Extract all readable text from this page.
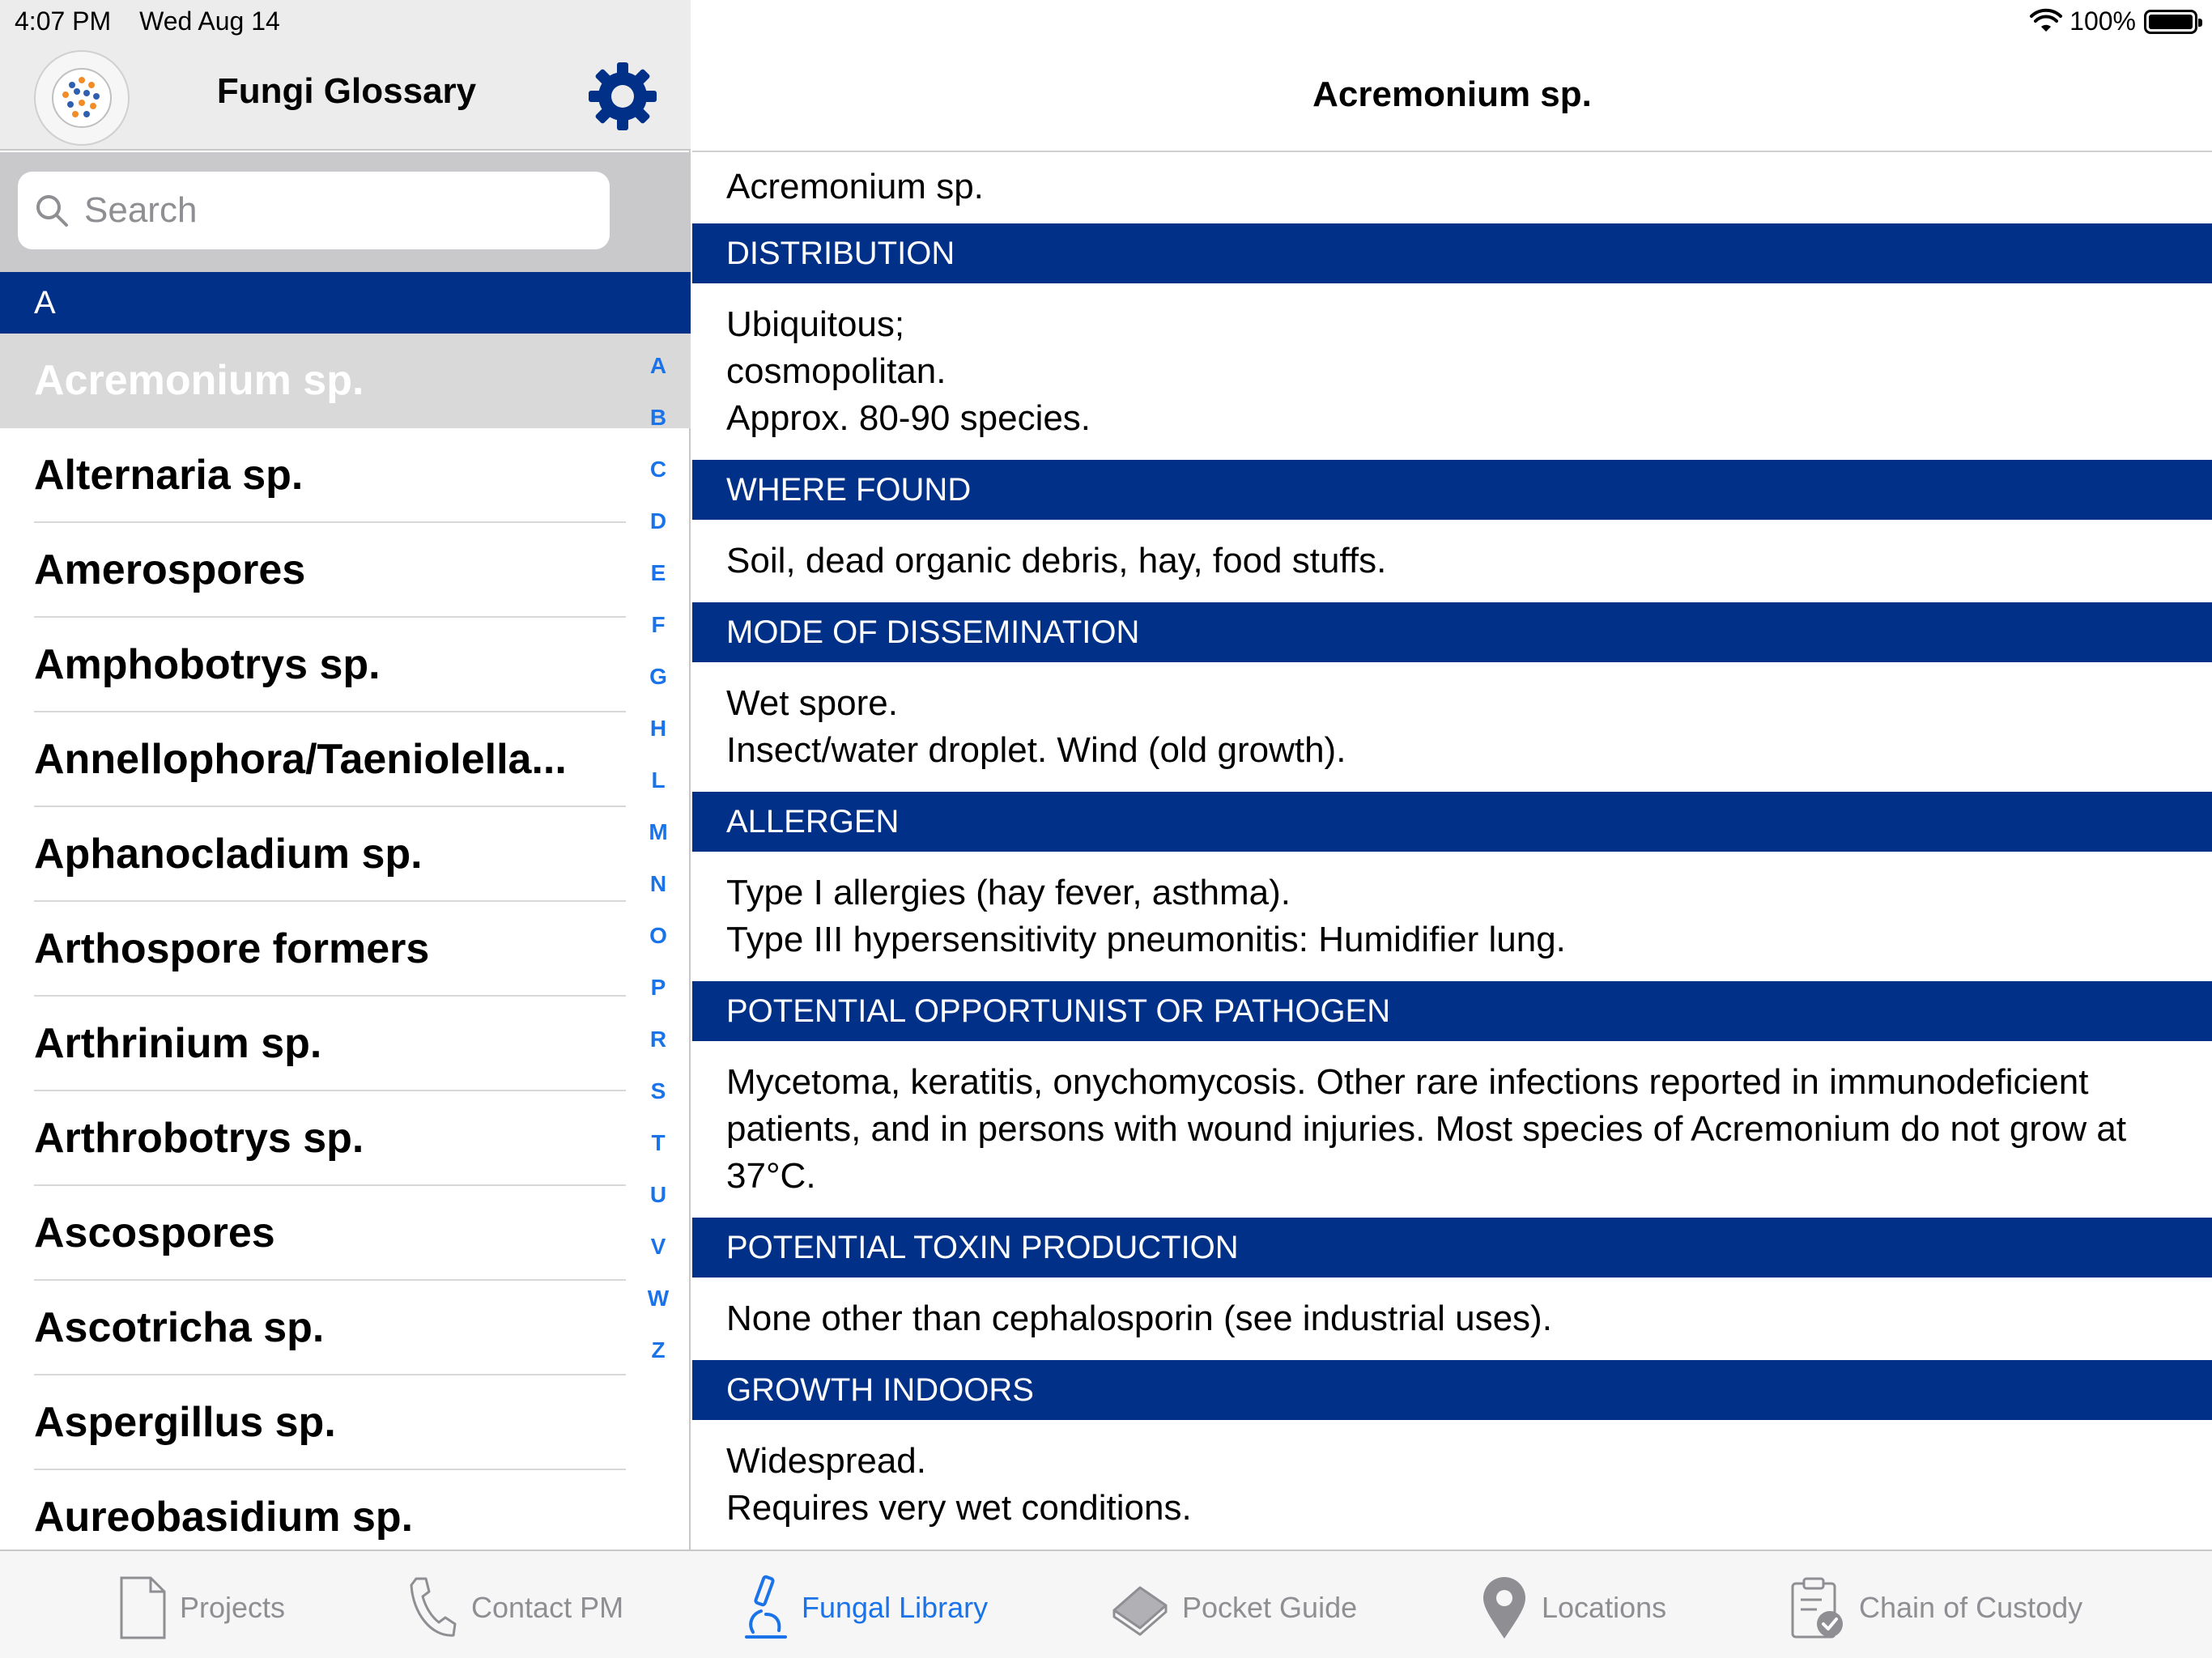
4:07 PM Wed Aug 14	100%
Fungi Glossary
Search
A
Acremonium sp.
Alternaria sp.
Amerospores
Amphobotrys sp.
Annellophora/Taeniolella...
Aphanocladium sp.
Arthospore formers
Arthrinium sp.
Arthrobotrys sp.
Ascospores
Ascotricha sp.
Aspergillus sp.
Aureobasidium sp.
A
B
C
D
E
F
G
H
L
M
N
O
P
R
S
T
U
V
W
Z
Acremonium sp.
Acremonium sp.
DISTRIBUTION
Ubiquitous;
cosmopolitan.
Approx. 80-90 species.
WHERE FOUND
Soil, dead organic debris, hay, food stuffs.
MODE OF DISSEMINATION
Wet spore.
Insect/water droplet. Wind (old growth).
ALLERGEN
Type I allergies (hay fever, asthma).
Type III hypersensitivity pneumonitis: Humidifier lung.
POTENTIAL OPPORTUNIST OR PATHOGEN
Mycetoma, keratitis, onychomycosis. Other rare infections reported in immunodeficient patients, and in persons with wound injuries. Most species of Acremonium do not grow at 37°C.
POTENTIAL TOXIN PRODUCTION
None other than cephalosporin (see industrial uses).
GROWTH INDOORS
Widespread.
Requires very wet conditions.
Projects	Contact PM	Fungal Library	Pocket Guide	Locations	Chain of Custody
